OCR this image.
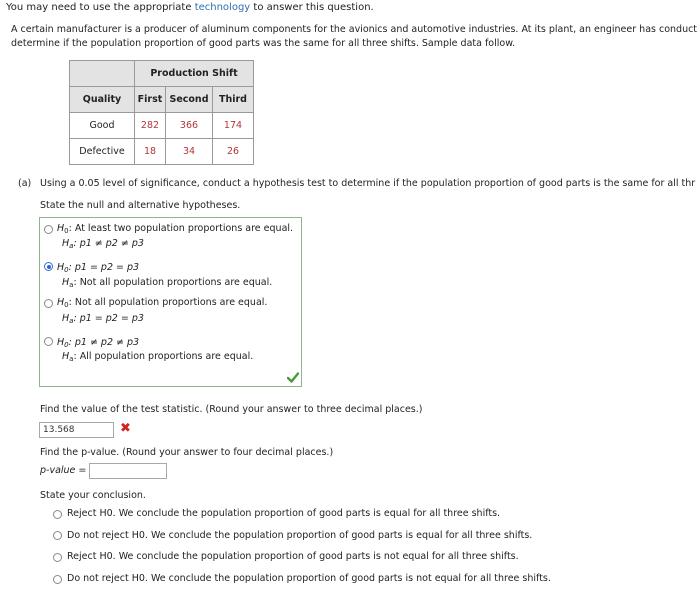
You may need to use the appropriate technology to answer this question.
A certain manufacturer is a producer of aluminum components for the avionics and automotive industries. At its plant, an engineer has conduct
determine if the population proportion of good parts was the same for all three shifts. Sample data follow.
	Production Shift		
Quality	First	Second	Third
Good	282	366	174
Defective	18	34	26
(a) Using a 0.05 level of significance, conduct a hypothesis test to determine if the population proportion of good parts is the same for all thr
State the null and alternative hypotheses.
$H_0$: At least two population proportions are equal.
$H_a$: p1 ≠ p2 ≠ p3
$H_0$: p1 = p2 = p3
$H_a$: Not all population proportions are equal.
$H_0$: Not all population proportions are equal.
$H_a$: p1 = p2 = p3
$H_0$: p1 ≠ p2 ≠ p3
$H_a$: All population proportions are equal.
Find the value of the test statistic. (Round your answer to three decimal places.)
13.568	✖
Find the p-value. (Round your answer to four decimal places.)
p-value =
State your conclusion.
Reject H0. We conclude the population proportion of good parts is equal for all three shifts.
Do not reject H0. We conclude the population proportion of good parts is equal for all three shifts.
Reject H0. We conclude the population proportion of good parts is not equal for all three shifts.
Do not reject H0. We conclude the population proportion of good parts is not equal for all three shifts.
